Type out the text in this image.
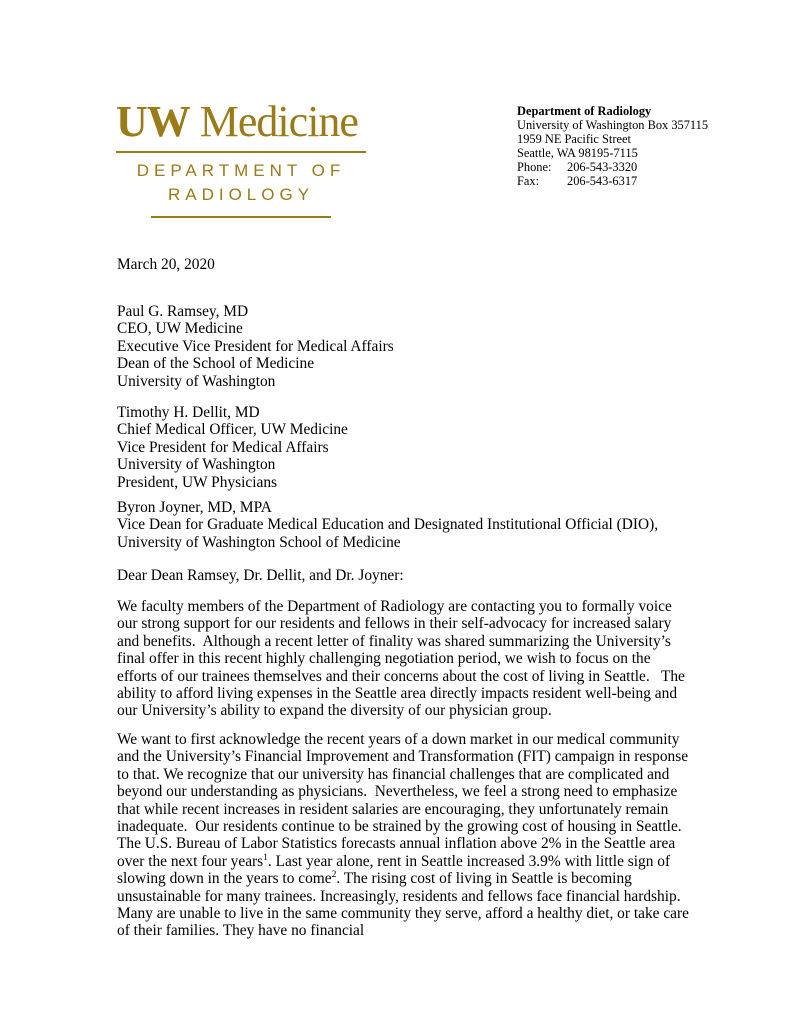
UW Medicine
DEPARTMENT OF
RADIOLOGY
Department of Radiology
University of Washington Box 357115
1959 NE Pacific Street
Seattle, WA 98195-7115
Phone:	206-543-3320
Fax:	206-543-6317
March 20, 2020
Paul G. Ramsey, MD
CEO, UW Medicine
Executive Vice President for Medical Affairs
Dean of the School of Medicine
University of Washington
Timothy H. Dellit, MD
Chief Medical Officer, UW Medicine
Vice President for Medical Affairs
University of Washington
President, UW Physicians
Byron Joyner, MD, MPA
Vice Dean for Graduate Medical Education and Designated Institutional Official (DIO),
University of Washington School of Medicine
Dear Dean Ramsey, Dr. Dellit, and Dr. Joyner:

We faculty members of the Department of Radiology are contacting you to formally voice our strong support for our residents and fellows in their self-advocacy for increased salary and benefits.  Although a recent letter of finality was shared summarizing the University’s final offer in this recent highly challenging negotiation period, we wish to focus on the efforts of our trainees themselves and their concerns about the cost of living in Seattle.   The ability to afford living expenses in the Seattle area directly impacts resident well-being and our University’s ability to expand the diversity of our physician group.

We want to first acknowledge the recent years of a down market in our medical community and the University’s Financial Improvement and Transformation (FIT) campaign in response to that. We recognize that our university has financial challenges that are complicated and beyond our understanding as physicians.  Nevertheless, we feel a strong need to emphasize that while recent increases in resident salaries are encouraging, they unfortunately remain inadequate.  Our residents continue to be strained by the growing cost of housing in Seattle.   The U.S. Bureau of Labor Statistics forecasts annual inflation above 2% in the Seattle area over the next four years$^1$. Last year alone, rent in Seattle increased 3.9% with little sign of slowing down in the years to come$^2$. The rising cost of living in Seattle is becoming unsustainable for many trainees. Increasingly, residents and fellows face financial hardship. Many are unable to live in the same community they serve, afford a healthy diet, or take care of their families. They have no financial
